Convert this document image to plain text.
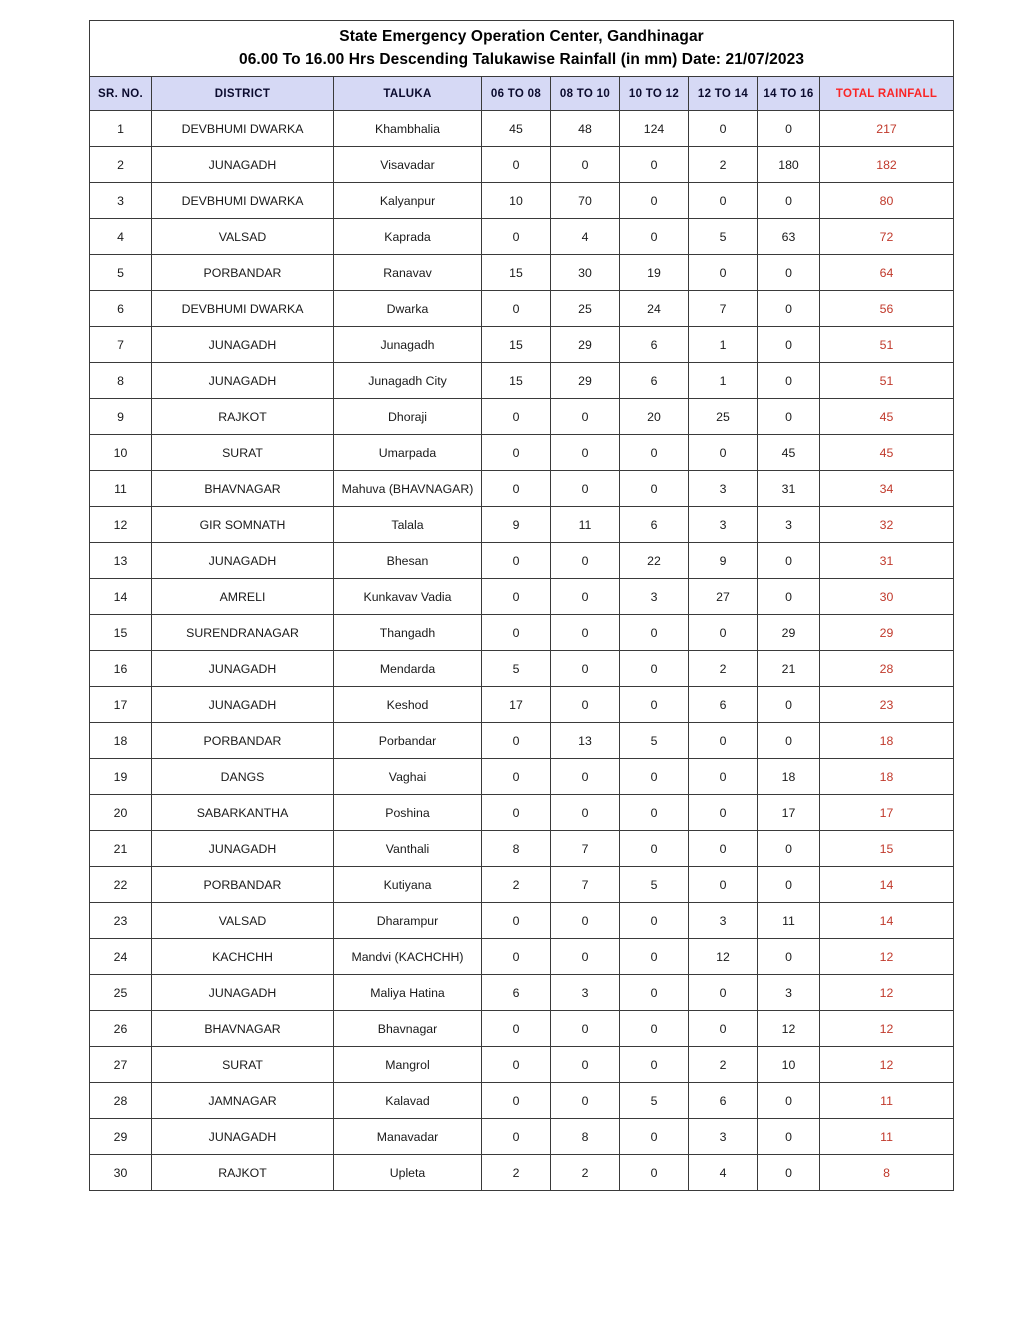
State Emergency Operation Center, Gandhinagar
06.00 To 16.00 Hrs Descending Talukawise Rainfall (in mm) Date: 21/07/2023								

SR. NO.	DISTRICT	TALUKA	06 TO 08	08 TO 10	10 TO 12	12 TO 14	14 TO 16	TOTAL RAINFALL
1	DEVBHUMI DWARKA	Khambhalia	45	48	124	0	0	217
2	JUNAGADH	Visavadar	0	0	0	2	180	182
3	DEVBHUMI DWARKA	Kalyanpur	10	70	0	0	0	80
4	VALSAD	Kaprada	0	4	0	5	63	72
5	PORBANDAR	Ranavav	15	30	19	0	0	64
6	DEVBHUMI DWARKA	Dwarka	0	25	24	7	0	56
7	JUNAGADH	Junagadh	15	29	6	1	0	51
8	JUNAGADH	Junagadh City	15	29	6	1	0	51
9	RAJKOT	Dhoraji	0	0	20	25	0	45
10	SURAT	Umarpada	0	0	0	0	45	45
11	BHAVNAGAR	Mahuva (BHAVNAGAR)	0	0	0	3	31	34
12	GIR SOMNATH	Talala	9	11	6	3	3	32
13	JUNAGADH	Bhesan	0	0	22	9	0	31
14	AMRELI	Kunkavav Vadia	0	0	3	27	0	30
15	SURENDRANAGAR	Thangadh	0	0	0	0	29	29
16	JUNAGADH	Mendarda	5	0	0	2	21	28
17	JUNAGADH	Keshod	17	0	0	6	0	23
18	PORBANDAR	Porbandar	0	13	5	0	0	18
19	DANGS	Vaghai	0	0	0	0	18	18
20	SABARKANTHA	Poshina	0	0	0	0	17	17
21	JUNAGADH	Vanthali	8	7	0	0	0	15
22	PORBANDAR	Kutiyana	2	7	5	0	0	14
23	VALSAD	Dharampur	0	0	0	3	11	14
24	KACHCHH	Mandvi (KACHCHH)	0	0	0	12	0	12
25	JUNAGADH	Maliya Hatina	6	3	0	0	3	12
26	BHAVNAGAR	Bhavnagar	0	0	0	0	12	12
27	SURAT	Mangrol	0	0	0	2	10	12
28	JAMNAGAR	Kalavad	0	0	5	6	0	11
29	JUNAGADH	Manavadar	0	8	0	3	0	11
30	RAJKOT	Upleta	2	2	0	4	0	8
